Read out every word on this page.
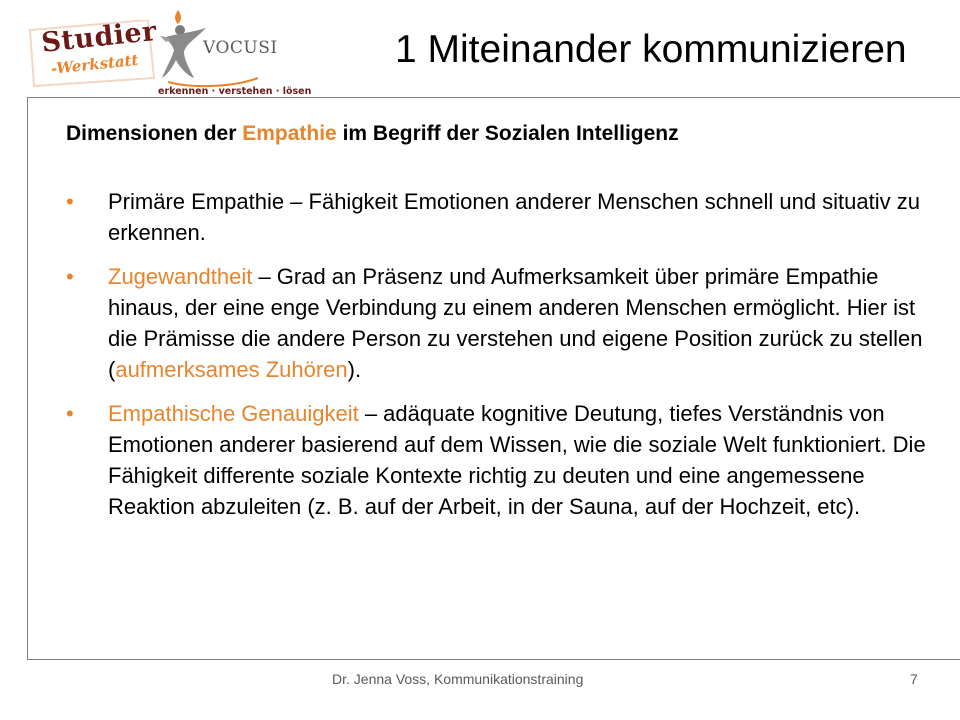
Studier
-Werkstatt
VOCUSI
erkennen · verstehen · lösen
1 Miteinander kommunizieren
Dimensionen der Empathie im Begriff der Sozialen Intelligenz
• Primäre Empathie – Fähigkeit Emotionen anderer Menschen schnell und situativ zu erkennen.
• Zugewandtheit – Grad an Präsenz und Aufmerksamkeit über primäre Empathie hinaus, der eine enge Verbindung zu einem anderen Menschen ermöglicht. Hier ist die Prämisse die andere Person zu verstehen und eigene Position zurück zu stellen (aufmerksames Zuhören).
• Empathische Genauigkeit – adäquate kognitive Deutung, tiefes Verständnis von Emotionen anderer basierend auf dem Wissen, wie die soziale Welt funktioniert. Die Fähigkeit differente soziale Kontexte richtig zu deuten und eine angemessene Reaktion abzuleiten (z. B. auf der Arbeit, in der Sauna, auf der Hochzeit, etc).
Dr. Jenna Voss, Kommunikationstraining	7
